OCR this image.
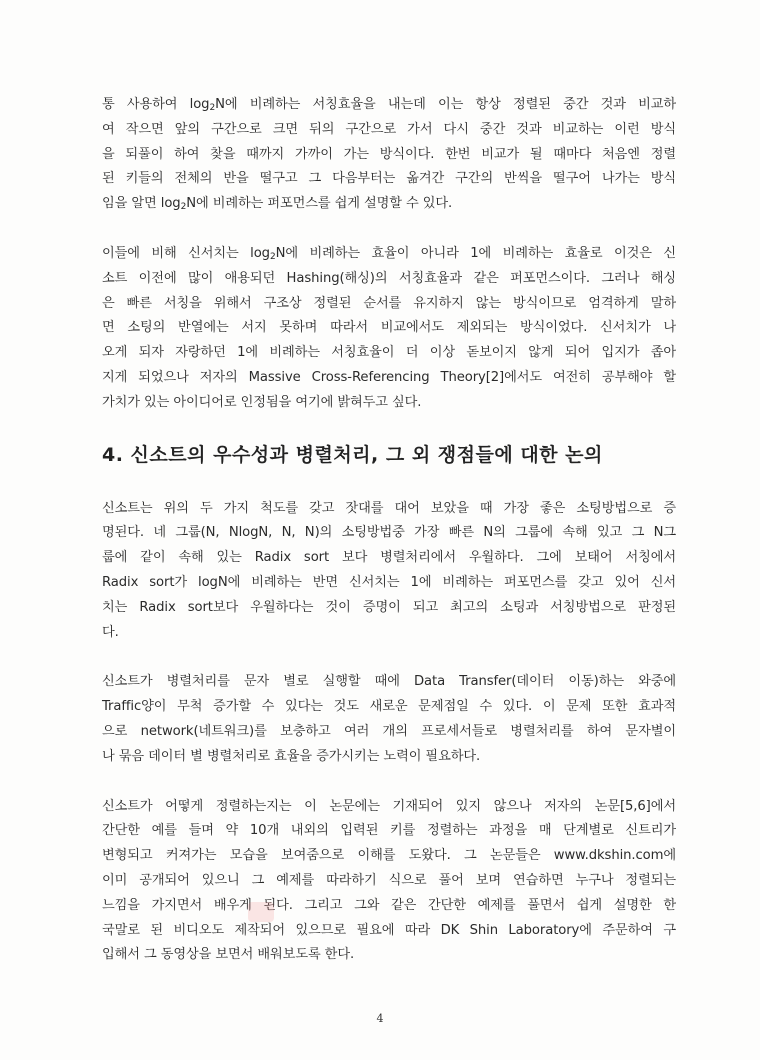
통 사용하여 $\log_2N$에 비례하는 서칭효율을 내는데 이는 항상 정렬된 중간 것과 비교하

여 작으면 앞의 구간으로 크면 뒤의 구간으로 가서 다시 중간 것과 비교하는 이런 방식

을 되풀이 하여 찾을 때까지 가까이 가는 방식이다. 한번 비교가 될 때마다 처음엔 정렬

된 키들의 전체의 반을 떨구고 그 다음부터는 옮겨간 구간의 반씩을 떨구어 나가는 방식

임을 알면 $\log_2N$에 비례하는 퍼포먼스를 쉽게 설명할 수 있다.

이들에 비해 신서치는 $\log_2N$에 비례하는 효율이 아니라 1에 비례하는 효율로 이것은 신

소트 이전에 많이 애용되던 Hashing(해싱)의 서칭효율과 같은 퍼포먼스이다. 그러나 해싱

은 빠른 서칭을 위해서 구조상 정렬된 순서를 유지하지 않는 방식이므로 엄격하게 말하

면 소팅의 반열에는 서지 못하며 따라서 비교에서도 제외되는 방식이었다. 신서치가 나

오게 되자 자랑하던 1에 비례하는 서칭효율이 더 이상 돋보이지 않게 되어 입지가 좁아

지게 되었으나 저자의 Massive Cross-Referencing Theory[2]에서도 여전히 공부해야 할

가치가 있는 아이디어로 인정됨을 여기에 밝혀두고 싶다.

4. 신소트의 우수성과 병렬처리, 그 외 쟁점들에 대한 논의

신소트는 위의 두 가지 척도를 갖고 잣대를 대어 보았을 때 가장 좋은 소팅방법으로 증

명된다. 네 그룹(N, NlogN, N, N)의 소팅방법중 가장 빠른 N의 그룹에 속해 있고 그 N그

룹에 같이 속해 있는 Radix sort 보다 병렬처리에서 우월하다. 그에 보태어 서칭에서

Radix sort가 logN에 비례하는 반면 신서치는 1에 비례하는 퍼포먼스를 갖고 있어 신서

치는 Radix sort보다 우월하다는 것이 증명이 되고 최고의 소팅과 서칭방법으로 판정된

다.

신소트가 병렬처리를 문자 별로 실행할 때에 Data Transfer(데이터 이동)하는 와중에

Traffic양이 무척 증가할 수 있다는 것도 새로운 문제점일 수 있다. 이 문제 또한 효과적

으로 network(네트워크)를 보충하고 여러 개의 프로세서들로 병렬처리를 하여 문자별이

나 묶음 데이터 별 병렬처리로 효율을 증가시키는 노력이 필요하다.

신소트가 어떻게 정렬하는지는 이 논문에는 기재되어 있지 않으나 저자의 논문[5,6]에서

간단한 예를 들며 약 10개 내외의 입력된 키를 정렬하는 과정을 매 단계별로 신트리가

변형되고 커져가는 모습을 보여줌으로 이해를 도왔다. 그 논문들은 www.dkshin.com에

이미 공개되어 있으니 그 예제를 따라하기 식으로 풀어 보며 연습하면 누구나 정렬되는

느낌을 가지면서 배우게 된다. 그리고 그와 같은 간단한 예제를 풀면서 쉽게 설명한 한

국말로 된 비디오도 제작되어 있으므로 필요에 따라 DK Shin Laboratory에 주문하여 구

입해서 그 동영상을 보면서 배워보도록 한다.

4
